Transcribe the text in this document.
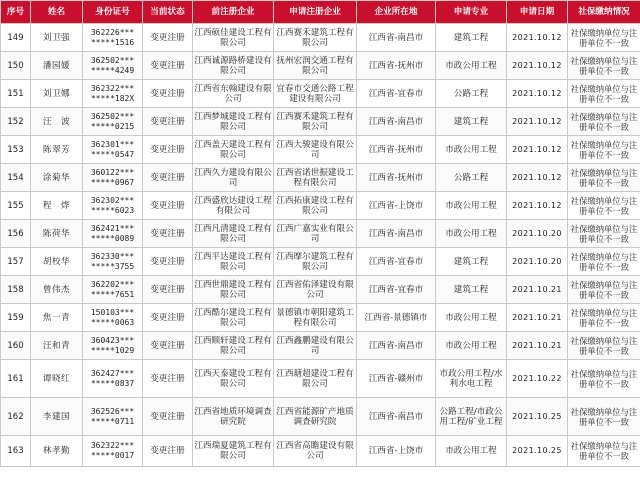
序号	姓名	身份证号	当前状态	前注册企业	申请注册企业	企业所在地	申请专业	申请日期	社保缴纳情况
149	刘卫强	362226***
*****1516	变更注册	江西硕佳建设工程有限公司	江西赛禾建筑工程有限公司	江西省-南昌市	建筑工程	2021.10.12	社保缴纳单位与注册单位不一致
150	潘园媛	362502***
*****4249	变更注册	江西诚源路桥建设有限公司	抚州宏润交通工程有限公司	江西省-抚州市	市政公用工程	2021.10.12	社保缴纳单位与注册单位不一致
151	刘卫娜	362322***
*****182X	变更注册	江西省东翰建设有限公司	宜春市交通公路工程建设有限公司	江西省-宜春市	公路工程	2021.10.12	社保缴纳单位与注册单位不一致
152	汪　波	362502***
*****0215	变更注册	江西梦城建设工程有限公司	江西赛禾建筑工程有限公司	江西省-南昌市	建筑工程	2021.10.12	社保缴纳单位与注册单位不一致
153	陈翠芳	362301***
*****0547	变更注册	江西盖天建设工程有限公司	江西大骏建设有限公司	江西省-抚州市	市政公用工程	2021.10.12	社保缴纳单位与注册单位不一致
154	涂菊华	360122***
*****0967	变更注册	江西久力建设有限公司	江西省诺世振建设工程有限公司	江西省-抚州市	公路工程	2021.10.12	社保缴纳单位与注册单位不一致
155	程　烨	362302***
*****6023	变更注册	江西盛欣达建设工程有限公司	江西拓康建设工程有限公司	江西省-上饶市	市政公用工程	2021.10.12	社保缴纳单位与注册单位不一致
156	陈荷华	362421***
*****0089	变更注册	江西凡清建设工程有限公司	江西广嘉实业有限公司	江西省-南昌市	市政公用工程	2021.10.20	社保缴纳单位与注册单位不一致
157	胡校华	362330***
*****3755	变更注册	江西平达建设工程有限公司	江西摩尔建筑工程有限公司	江西省-宜春市	建筑工程	2021.10.20	社保缴纳单位与注册单位不一致
158	曾伟杰	362202***
*****7651	变更注册	江西世鼎建设工程有限公司	江西省佑泽建设有限公司	江西省-宜春市	建筑工程	2021.10.21	社保缴纳单位与注册单位不一致
159	焦一青	150103***
*****0063	变更注册	江西酷尔建设工程有限公司	景德镇市朝阳建筑工程有限公司	江西省-景德镇市	市政公用工程	2021.10.21	社保缴纳单位与注册单位不一致
160	汪和青	360423***
*****1029	变更注册	江西顺轩建设工程有限公司	江西鑫鹏建设有限公司	江西省-南昌市	市政公用工程	2021.10.21	社保缴纳单位与注册单位不一致
161	谭晓红	362427***
*****0837	变更注册	江西天泰建设工程有限公司	江西瑭超建设工程有限公司	江西省-赣州市	市政公用工程/水利水电工程	2021.10.22	社保缴纳单位与注册单位不一致
162	李建国	362526***
*****0711	变更注册	江西省地质环境调查研究院	江西省能源矿产地质调查研究院	江西省-南昌市	公路工程/市政公用工程/矿业工程	2021.10.25	社保缴纳单位与注册单位不一致
163	林孝勤	362322***
*****0017	变更注册	江西瑞夏建筑工程有限公司	江西省高瞻建设有限公司	江西省-上饶市	市政公用工程	2021.10.25	社保缴纳单位与注册单位不一致
